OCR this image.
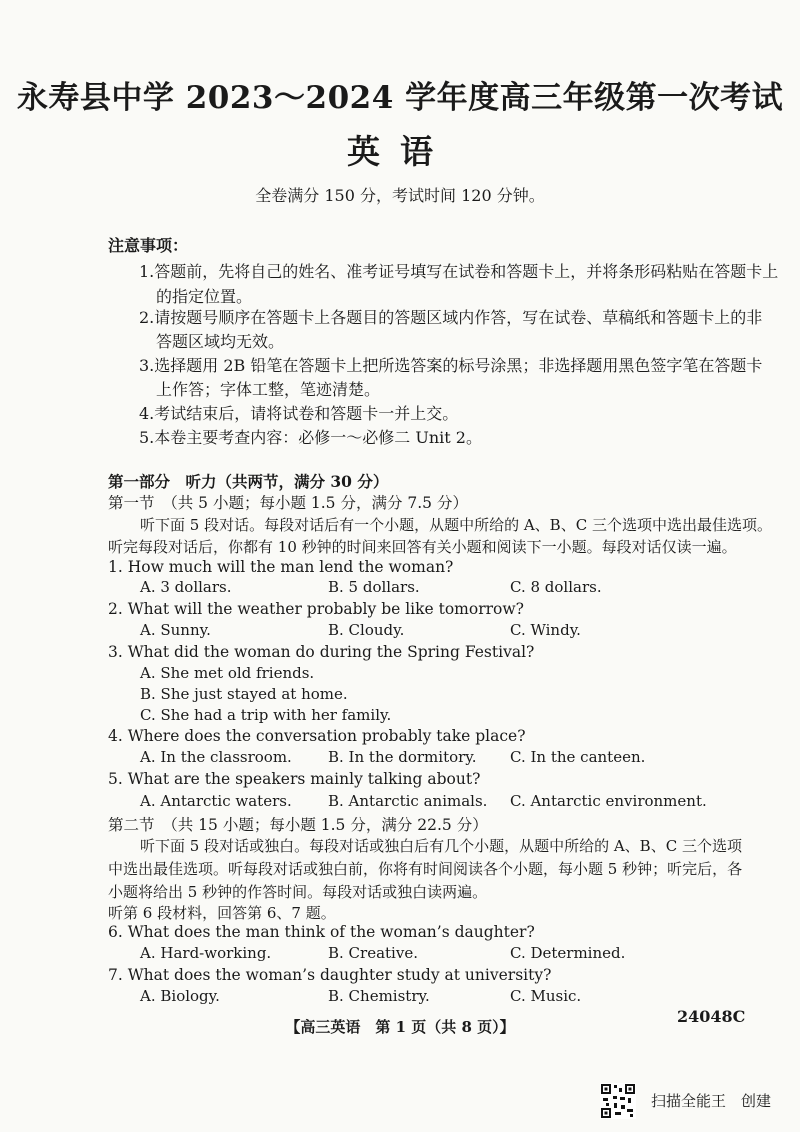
永寿县中学 2023～2024 学年度高三年级第一次考试
英语
全卷满分 150 分，考试时间 120 分钟。
注意事项：
1.答题前，先将自己的姓名、准考证号填写在试卷和答题卡上，并将条形码粘贴在答题卡上
的指定位置。
2.请按题号顺序在答题卡上各题目的答题区域内作答，写在试卷、草稿纸和答题卡上的非
答题区域均无效。
3.选择题用 2B 铅笔在答题卡上把所选答案的标号涂黑；非选择题用黑色签字笔在答题卡
上作答；字体工整，笔迹清楚。
4.考试结束后，请将试卷和答题卡一并上交。
5.本卷主要考查内容：必修一～必修二 Unit 2。
第一部分　听力（共两节，满分 30 分）
第一节　（共 5 小题；每小题 1.5 分，满分 7.5 分）
听下面 5 段对话。每段对话后有一个小题，从题中所给的 A、B、C 三个选项中选出最佳选项。
听完每段对话后，你都有 10 秒钟的时间来回答有关小题和阅读下一小题。每段对话仅读一遍。
1. How much will the man lend the woman?
A. 3 dollars.	B. 5 dollars.	C. 8 dollars.
2. What will the weather probably be like tomorrow?
A. Sunny.	B. Cloudy.	C. Windy.
3. What did the woman do during the Spring Festival?
A. She met old friends.
B. She just stayed at home.
C. She had a trip with her family.
4. Where does the conversation probably take place?
A. In the classroom. B. In the dormitory. C. In the canteen.
5. What are the speakers mainly talking about?
A. Antarctic waters. B. Antarctic animals. C. Antarctic environment.
第二节　（共 15 小题；每小题 1.5 分，满分 22.5 分）
听下面 5 段对话或独白。每段对话或独白后有几个小题，从题中所给的 A、B、C 三个选项
中选出最佳选项。听每段对话或独白前，你将有时间阅读各个小题，每小题 5 秒钟；听完后，各
小题将给出 5 秒钟的作答时间。每段对话或独白读两遍。
听第 6 段材料，回答第 6、7 题。
6. What does the man think of the woman’s daughter?
A. Hard-working.	B. Creative.	C. Determined.
7. What does the woman’s daughter study at university?
A. Biology.	B. Chemistry.	C. Music.
【高三英语　第 1 页（共 8 页）】
24048C
扫描全能王　创建
